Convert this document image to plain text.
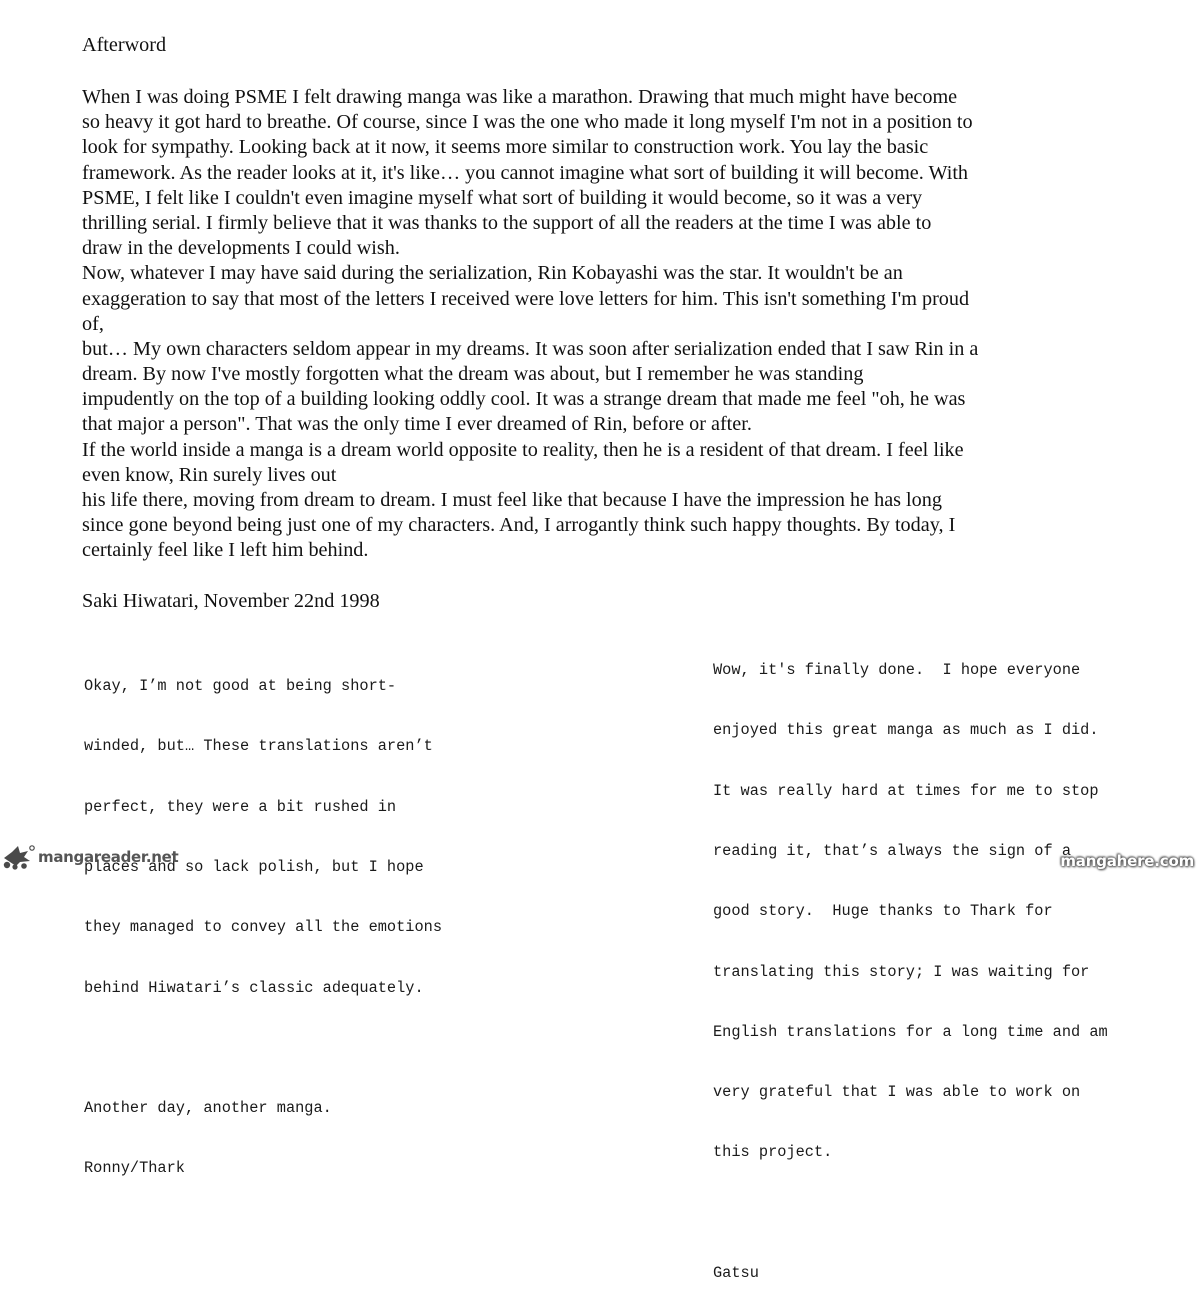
Afterword
When I was doing PSME I felt drawing manga was like a marathon. Drawing that much might have become
so heavy it got hard to breathe. Of course, since I was the one who made it long myself I'm not in a position to
look for sympathy. Looking back at it now, it seems more similar to construction work. You lay the basic
framework. As the reader looks at it, it's like… you cannot imagine what sort of building it will become. With
PSME, I felt like I couldn't even imagine myself what sort of building it would become, so it was a very
thrilling serial. I firmly believe that it was thanks to the support of all the readers at the time I was able to
draw in the developments I could wish.
Now, whatever I may have said during the serialization, Rin Kobayashi was the star. It wouldn't be an
exaggeration to say that most of the letters I received were love letters for him. This isn't something I'm proud
of,
but… My own characters seldom appear in my dreams. It was soon after serialization ended that I saw Rin in a
dream. By now I've mostly forgotten what the dream was about, but I remember he was standing
impudently on the top of a building looking oddly cool. It was a strange dream that made me feel "oh, he was
that major a person". That was the only time I ever dreamed of Rin, before or after.
If the world inside a manga is a dream world opposite to reality, then he is a resident of that dream. I feel like
even know, Rin surely lives out
his life there, moving from dream to dream. I must feel like that because I have the impression he has long
since gone beyond being just one of my characters. And, I arrogantly think such happy thoughts. By today, I
certainly feel like I left him behind.
Saki Hiwatari, November 22nd 1998

Okay, I’m not good at being short-

winded, but… These translations aren’t

perfect, they were a bit rushed in

places and so lack polish, but I hope

they managed to convey all the emotions

behind Hiwatari’s classic adequately.

Another day, another manga.

Ronny/Thark

Wow, it's finally done.  I hope everyone

enjoyed this great manga as much as I did.

It was really hard at times for me to stop

reading it, that’s always the sign of a

good story.  Huge thanks to Thark for

translating this story; I was waiting for

English translations for a long time and am

very grateful that I was able to work on

this project.

Gatsu

mangareader.net	mangahere.com
